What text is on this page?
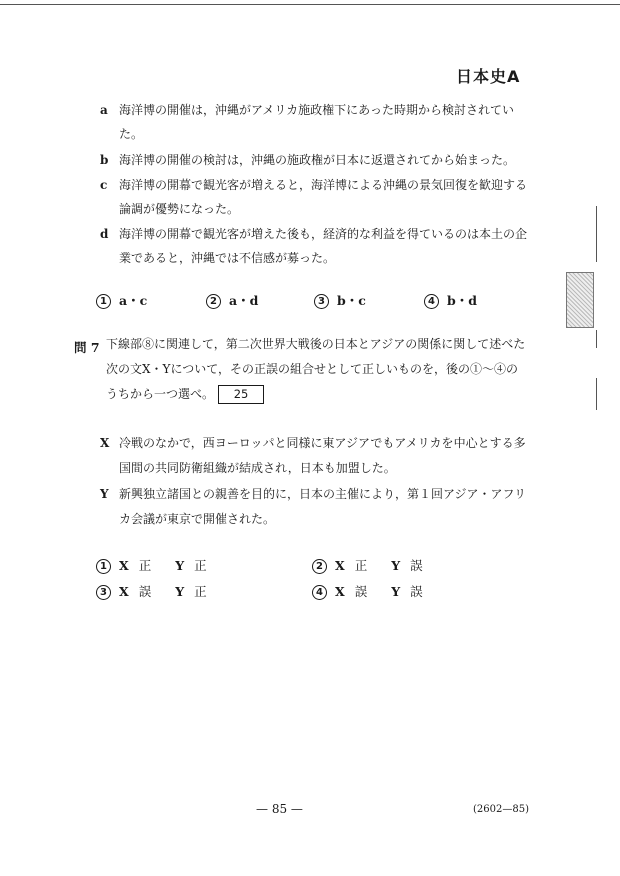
日本史A
a 海洋博の開催は，沖縄がアメリカ施政権下にあった時期から検討されていた。
b 海洋博の開催の検討は，沖縄の施政権が日本に返還されてから始まった。
c 海洋博の開幕で観光客が増えると，海洋博による沖縄の景気回復を歓迎する論調が優勢になった。
d 海洋博の開幕で観光客が増えた後も，経済的な利益を得ているのは本土の企業であると，沖縄では不信感が募った。
1 a・c	2 a・d	3 b・c	4 b・d
問 7 下線部⑧に関連して，第二次世界大戦後の日本とアジアの関係に関して述べた次の文X・Yについて，その正誤の組合せとして正しいものを，後の①〜④のうちから一つ選べ。 25
X 冷戦のなかで，西ヨーロッパと同様に東アジアでもアメリカを中心とする多国間の共同防衛組織が結成され，日本も加盟した。
Y 新興独立諸国との親善を目的に，日本の主催により，第１回アジア・アフリカ会議が東京で開催された。
1 X 正 Y 正	2 X 正 Y 誤
3 X 誤 Y 正	4 X 誤 Y 誤
— 85 —	(2602—85)
